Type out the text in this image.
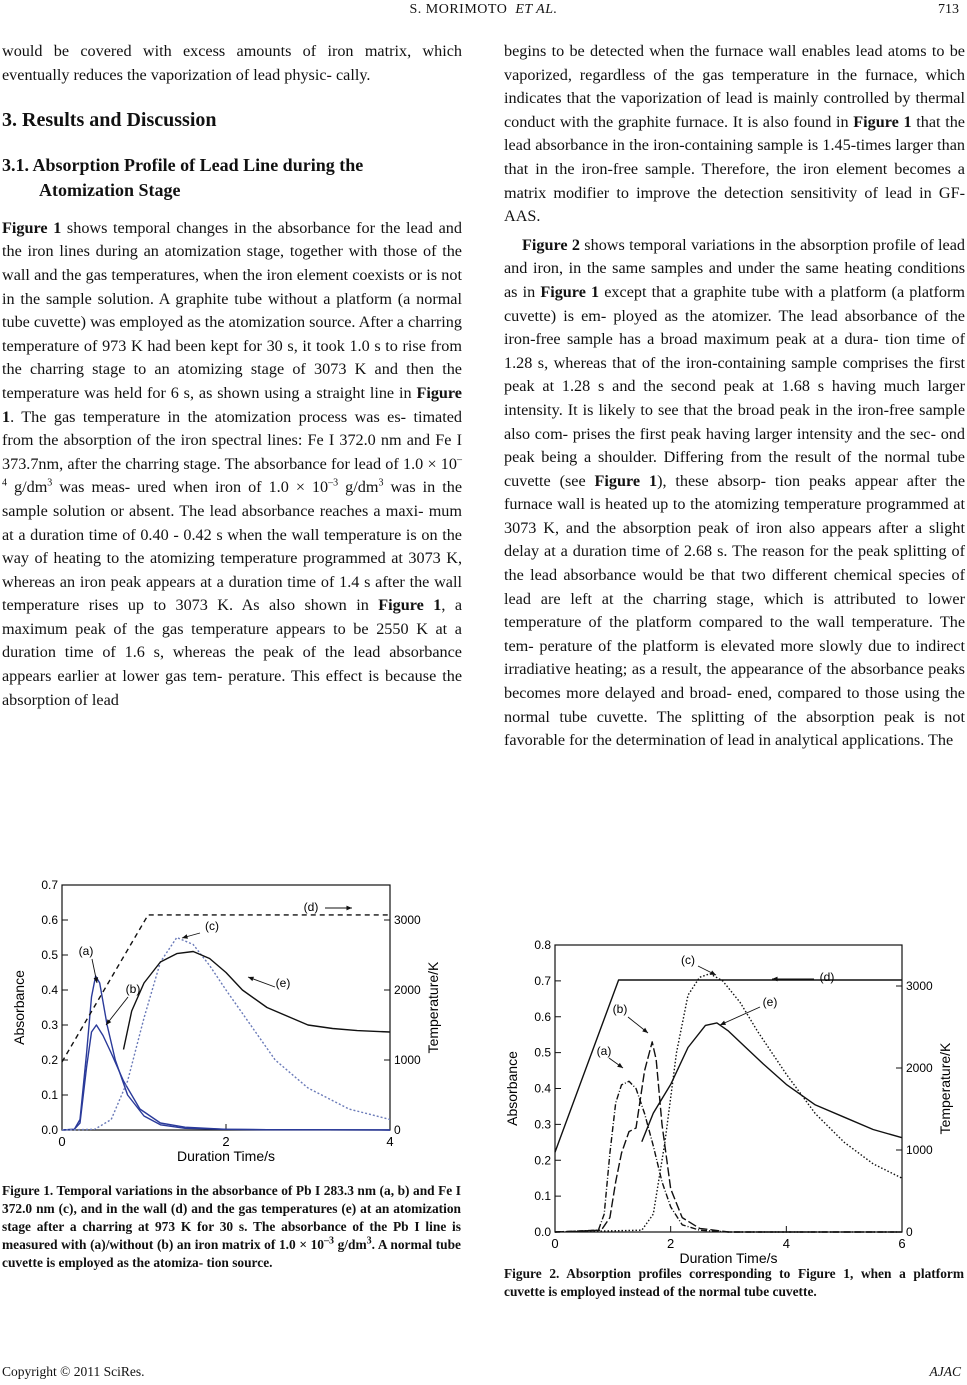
S. MORIMOTO ET AL.	713

would be covered with excess amounts of iron matrix, which eventually reduces the vaporization of lead physic- cally.

3. Results and Discussion

3.1. Absorption Profile of Lead Line during the
Atomization Stage

Figure 1 shows temporal changes in the absorbance for the lead and the iron lines during an atomization stage, together with those of the wall and the gas temperatures, when the iron element coexists or is not in the sample solution. A graphite tube without a platform (a normal tube cuvette) was employed as the atomization source. After a charring temperature of 973 K had been kept for 30 s, it took 1.0 s to rise from the charring stage to an atomizing stage of 3073 K and then the temperature was held for 6 s, as shown using a straight line in Figure 1. The gas temperature in the atomization process was es- timated from the absorption of the iron spectral lines: Fe I 372.0 nm and Fe I 373.7nm, after the charring stage. The absorbance for lead of $1.0 \times 10^{-4}$ $g/dm^3$ was meas- ured when iron of $1.0 \times 10^{-3}$ $g/dm^3$ was in the sample solution or absent. The lead absorbance reaches a maxi- mum at a duration time of 0.40 - 0.42 s when the wall temperature is on the way of heating to the atomizing temperature programmed at 3073 K, whereas an iron peak appears at a duration time of 1.4 s after the wall temperature rises up to 3073 K. As also shown in Figure 1, a maximum peak of the gas temperature appears to be 2550 K at a duration time of 1.6 s, whereas the peak of the lead absorbance appears earlier at lower gas tem- perature. This effect is because the absorption of lead

begins to be detected when the furnace wall enables lead atoms to be vaporized, regardless of the gas temperature in the furnace, which indicates that the vaporization of lead is mainly controlled by thermal conduct with the graphite furnace. It is also found in Figure 1 that the lead absorbance in the iron-containing sample is 1.45-times larger than that in the iron-free sample. Therefore, the iron element becomes a matrix modifier to improve the detection sensitivity of lead in GF-AAS.

Figure 2 shows temporal variations in the absorption profile of lead and iron, in the same samples and under the same heating conditions as in Figure 1 except that a graphite tube with a platform (a platform cuvette) is em- ployed as the atomizer. The lead absorbance of the iron-free sample has a broad maximum peak at a dura- tion time of 1.28 s, whereas that of the iron-containing sample comprises the first peak at 1.28 s and the second peak at 1.68 s having much larger intensity. It is likely to see that the broad peak in the iron-free sample also com- prises the first peak having larger intensity and the sec- ond peak being a shoulder. Differing from the result of the normal tube cuvette (see Figure 1), these absorp- tion peaks appear after the furnace wall is heated up to the atomizing temperature programmed at 3073 K, and the absorption peak of iron also appears after a slight delay at a duration time of 2.68 s. The reason for the peak splitting of the lead absorbance would be that two different chemical species of lead are left at the charring stage, which is attributed to lower temperature of the platform compared to the wall temperature. The tem- perature of the platform is elevated more slowly due to indirect irradiative heating; as a result, the appearance of the absorbance peaks becomes more delayed and broad- ened, compared to those using the normal tube cuvette. The splitting of the absorption peak is not favorable for the determination of lead in analytical applications. The

0	2	4
0.0
0.1
0.2
0.3
0.4
0.5
0.6
0.7
0
1000
2000
3000
Duration Time/s
Absorbance	Temperature/K
(a)
(b)
(c)
(d)
(e)
Figure 1. Temporal variations in the absorbance of Pb I 283.3 nm (a, b) and Fe I 372.0 nm (c), and in the wall (d) and the gas temperatures (e) at an atomization stage after a charring at 973 K for 30 s. The absorbance of the Pb I line is measured with (a)/without (b) an iron matrix of $1.0 \times 10^{-3}$ $g/dm^3$. A normal tube cuvette is employed as the atomiza- tion source.
0	2	4	6
0.0
0.1
0.2
0.3
0.4
0.5
0.6
0.7
0.8
0
1000
2000
3000
Duration Time/s
Absorbance	Temperature/K
(a)
(b)
(c)
(d)
(e)
Figure 2. Absorption profiles corresponding to Figure 1, when a platform cuvette is employed instead of the normal tube cuvette.
Copyright © 2011 SciRes.	AJAC
